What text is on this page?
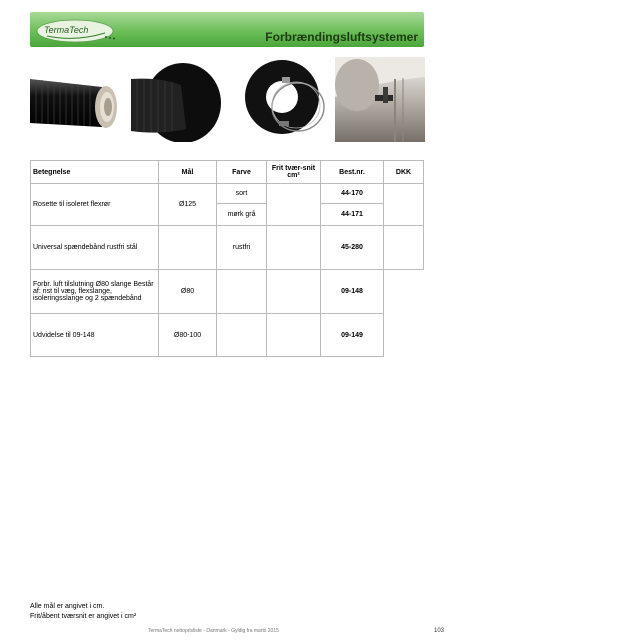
TermaTech	Forbrændingsluftsystemer
Betegnelse	Mål	Farve	Frit tvær-snit cm²	Best.nr.	DKK
Rosette til isoleret flexrør	Ø125	sort		44-170	
		mørk grå		44-171	
Universal spændebånd rustfri stål		rustfri		45-280	
Forbr. luft tilslutning Ø80 slange Består af: rist til væg, flexslange, isoleringsslange og 2 spændebånd	Ø80			09-148	
Udvidelse til 09-148	Ø80-100			09-149	
Alle mål er angivet i cm.
Frit/åbent tværsnit er angivet i cm²
TermaTech nettoprisliste - Danmark - Gyldig fra marts 2015	103
